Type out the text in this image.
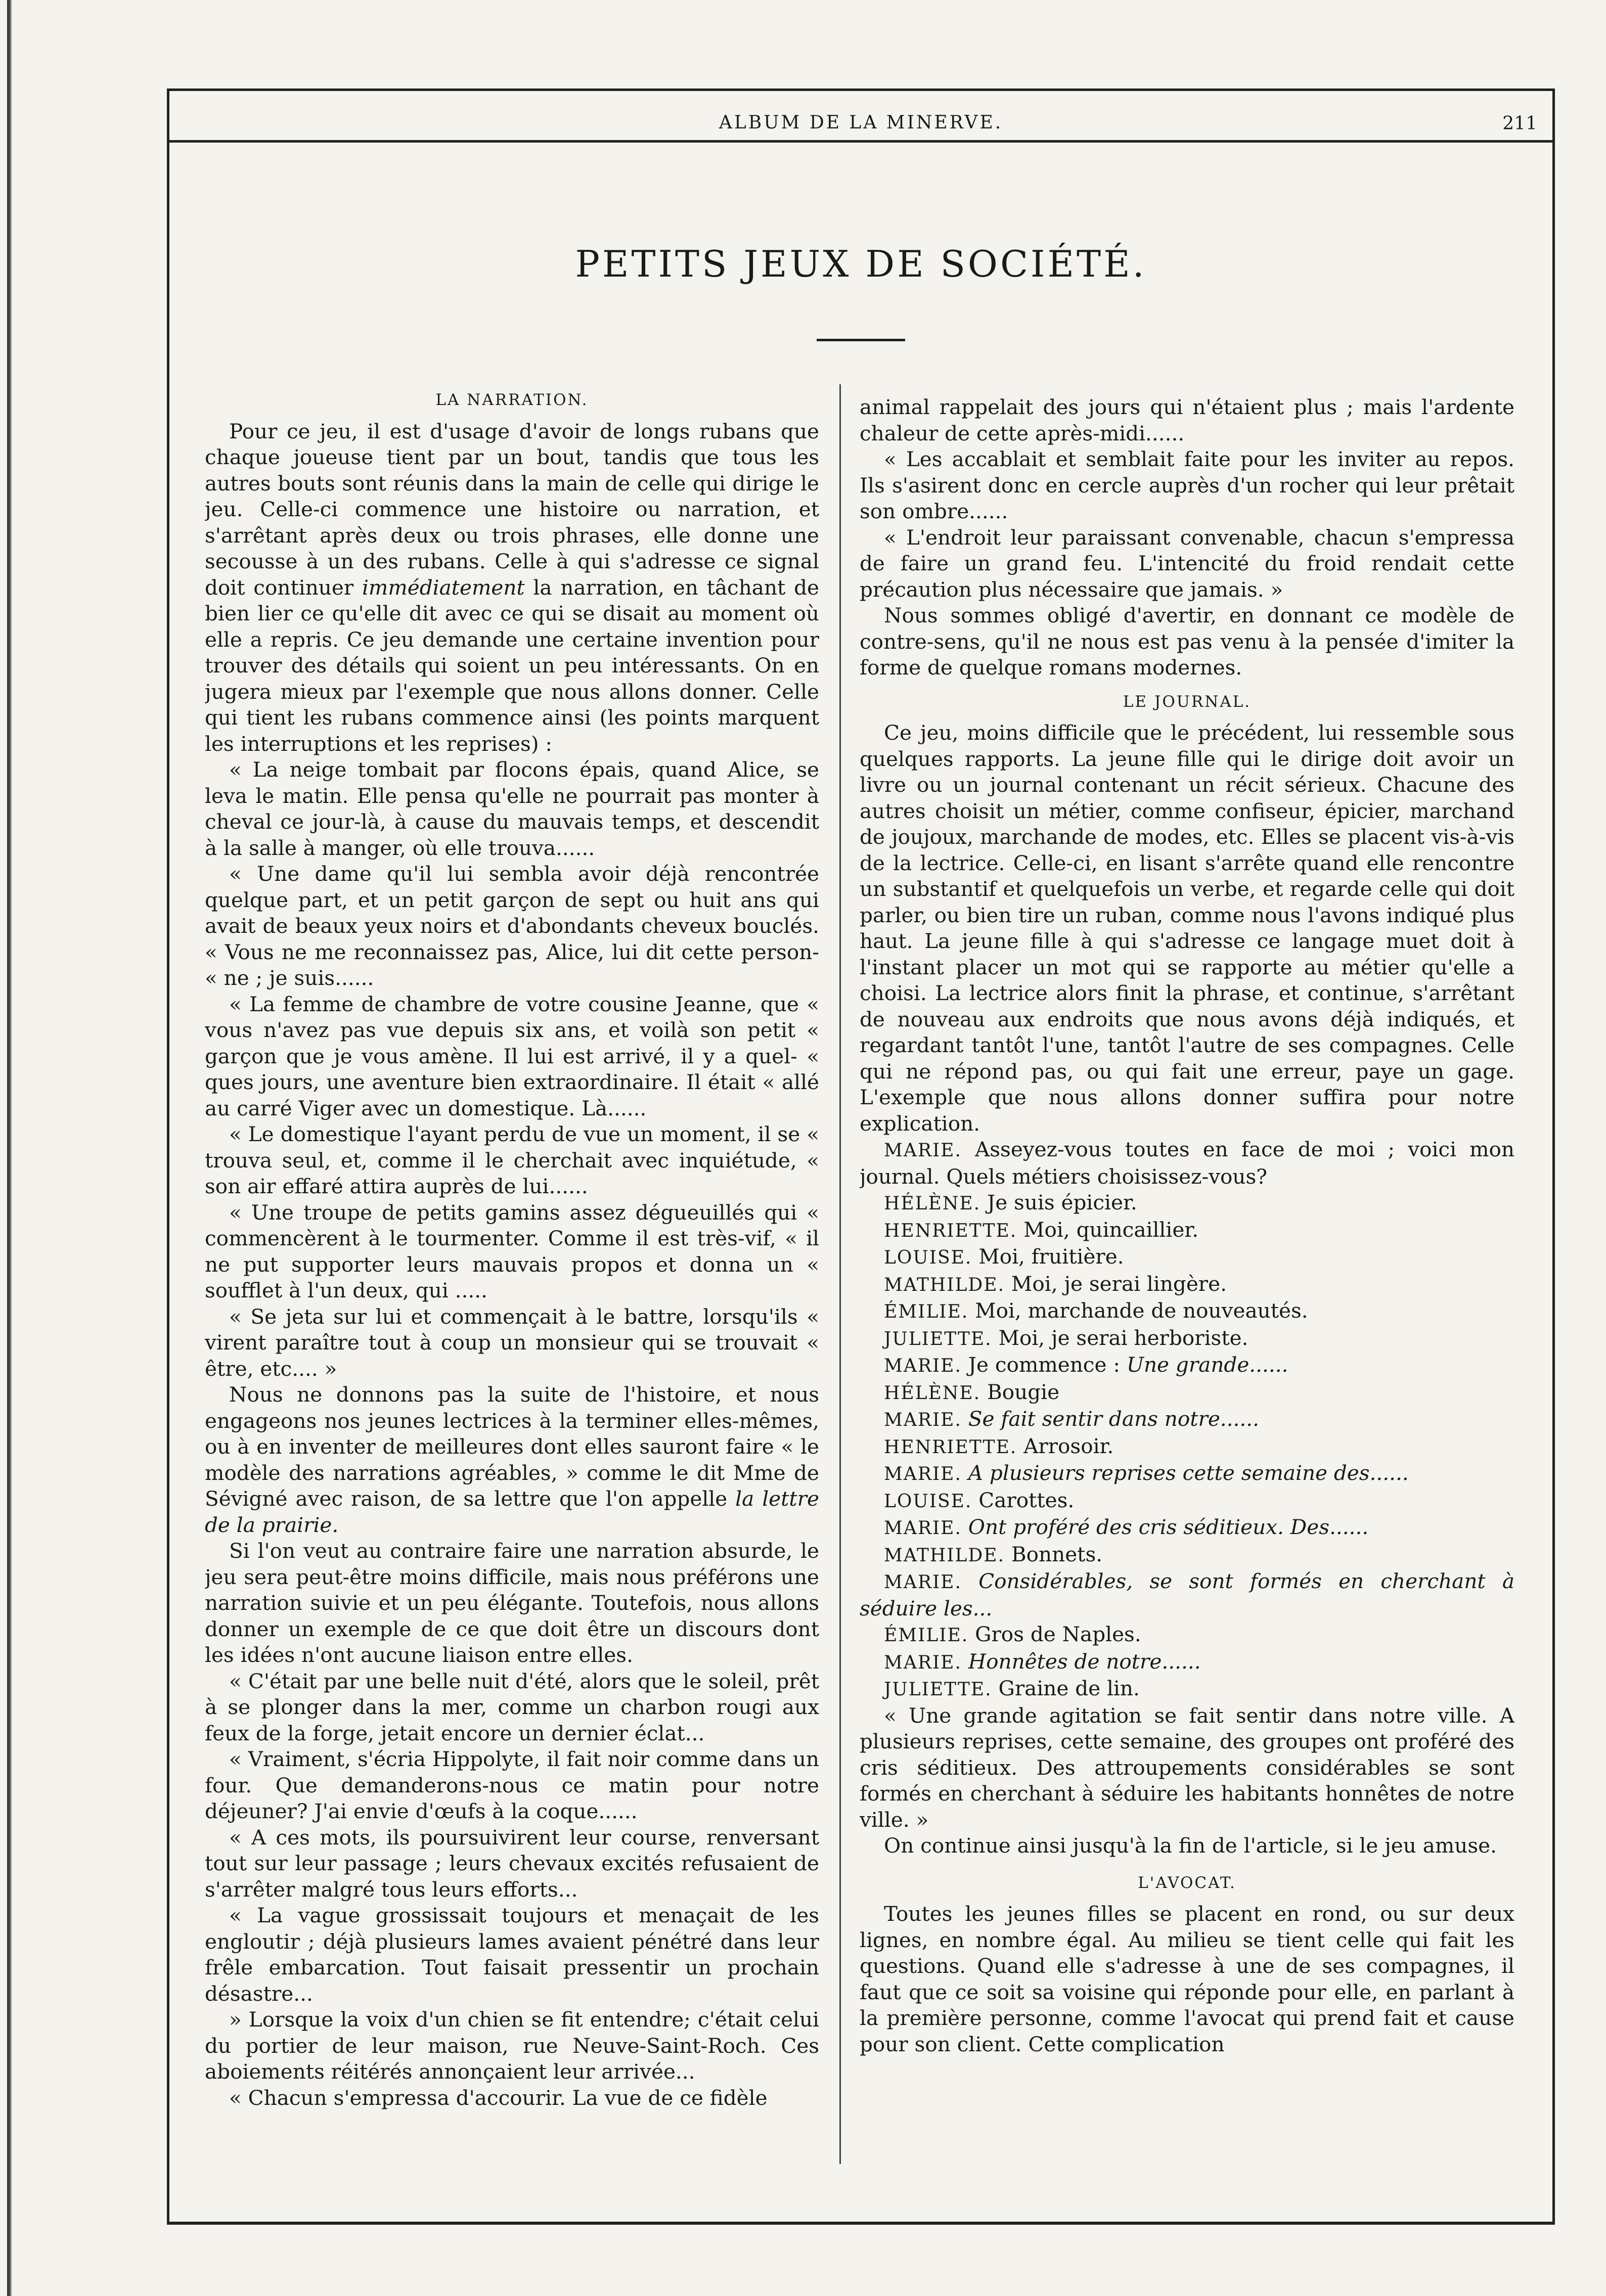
ALBUM DE LA MINERVE.	211
PETITS JEUX DE SOCIÉTÉ.
LA NARRATION.

Pour ce jeu, il est d'usage d'avoir de longs rubans que chaque joueuse tient par un bout, tandis que tous les autres bouts sont réunis dans la main de celle qui dirige le jeu. Celle-ci commence une histoire ou narration, et s'arrêtant après deux ou trois phrases, elle donne une secousse à un des rubans. Celle à qui s'adresse ce signal doit continuer immédiatement la narration, en tâchant de bien lier ce qu'elle dit avec ce qui se disait au moment où elle a repris. Ce jeu demande une certaine invention pour trouver des détails qui soient un peu intéressants. On en jugera mieux par l'exemple que nous allons donner. Celle qui tient les rubans commence ainsi (les points marquent les interruptions et les reprises) :

« La neige tombait par flocons épais, quand Alice, se leva le matin. Elle pensa qu'elle ne pourrait pas monter à cheval ce jour-là, à cause du mauvais temps, et descendit à la salle à manger, où elle trouva......

« Une dame qu'il lui sembla avoir déjà rencontrée quelque part, et un petit garçon de sept ou huit ans qui avait de beaux yeux noirs et d'abondants cheveux bouclés. « Vous ne me reconnaissez pas, Alice, lui dit cette person- « ne ; je suis......

« La femme de chambre de votre cousine Jeanne, que « vous n'avez pas vue depuis six ans, et voilà son petit « garçon que je vous amène. Il lui est arrivé, il y a quel- « ques jours, une aventure bien extraordinaire. Il était « allé au carré Viger avec un domestique. Là......

« Le domestique l'ayant perdu de vue un moment, il se « trouva seul, et, comme il le cherchait avec inquiétude, « son air effaré attira auprès de lui......

« Une troupe de petits gamins assez dégueuillés qui « commencèrent à le tourmenter. Comme il est très-vif, « il ne put supporter leurs mauvais propos et donna un « soufflet à l'un deux, qui .....

« Se jeta sur lui et commençait à le battre, lorsqu'ils « virent paraître tout à coup un monsieur qui se trouvait « être, etc.... »

Nous ne donnons pas la suite de l'histoire, et nous engageons nos jeunes lectrices à la terminer elles-mêmes, ou à en inventer de meilleures dont elles sauront faire « le modèle des narrations agréables, » comme le dit Mme de Sévigné avec raison, de sa lettre que l'on appelle la lettre de la prairie.

Si l'on veut au contraire faire une narration absurde, le jeu sera peut-être moins difficile, mais nous préférons une narration suivie et un peu élégante. Toutefois, nous allons donner un exemple de ce que doit être un discours dont les idées n'ont aucune liaison entre elles.

« C'était par une belle nuit d'été, alors que le soleil, prêt à se plonger dans la mer, comme un charbon rougi aux feux de la forge, jetait encore un dernier éclat...

« Vraiment, s'écria Hippolyte, il fait noir comme dans un four. Que demanderons-nous ce matin pour notre déjeuner? J'ai envie d'œufs à la coque......

« A ces mots, ils poursuivirent leur course, renversant tout sur leur passage ; leurs chevaux excités refusaient de s'arrêter malgré tous leurs efforts...

« La vague grossissait toujours et menaçait de les engloutir ; déjà plusieurs lames avaient pénétré dans leur frêle embarcation. Tout faisait pressentir un prochain désastre...

» Lorsque la voix d'un chien se fit entendre; c'était celui du portier de leur maison, rue Neuve-Saint-Roch. Ces aboiements réitérés annonçaient leur arrivée...

« Chacun s'empressa d'accourir. La vue de ce fidèle

animal rappelait des jours qui n'étaient plus ; mais l'ardente chaleur de cette après-midi......

« Les accablait et semblait faite pour les inviter au repos. Ils s'asirent donc en cercle auprès d'un rocher qui leur prêtait son ombre......

« L'endroit leur paraissant convenable, chacun s'empressa de faire un grand feu. L'intencité du froid rendait cette précaution plus nécessaire que jamais. »

Nous sommes obligé d'avertir, en donnant ce modèle de contre-sens, qu'il ne nous est pas venu à la pensée d'imiter la forme de quelque romans modernes.

LE JOURNAL.

Ce jeu, moins difficile que le précédent, lui ressemble sous quelques rapports. La jeune fille qui le dirige doit avoir un livre ou un journal contenant un récit sérieux. Chacune des autres choisit un métier, comme confiseur, épicier, marchand de joujoux, marchande de modes, etc. Elles se placent vis-à-vis de la lectrice. Celle-ci, en lisant s'arrête quand elle rencontre un substantif et quelquefois un verbe, et regarde celle qui doit parler, ou bien tire un ruban, comme nous l'avons indiqué plus haut. La jeune fille à qui s'adresse ce langage muet doit à l'instant placer un mot qui se rapporte au métier qu'elle a choisi. La lectrice alors finit la phrase, et continue, s'arrêtant de nouveau aux endroits que nous avons déjà indiqués, et regardant tantôt l'une, tantôt l'autre de ses compagnes. Celle qui ne répond pas, ou qui fait une erreur, paye un gage. L'exemple que nous allons donner suffira pour notre explication.

MARIE. Asseyez-vous toutes en face de moi ; voici mon journal. Quels métiers choisissez-vous?

HÉLÈNE. Je suis épicier.

HENRIETTE. Moi, quincaillier.

LOUISE. Moi, fruitière.

MATHILDE. Moi, je serai lingère.

ÉMILIE. Moi, marchande de nouveautés.

JULIETTE. Moi, je serai herboriste.

MARIE. Je commence : Une grande......

HÉLÈNE. Bougie

MARIE. Se fait sentir dans notre......

HENRIETTE. Arrosoir.

MARIE. A plusieurs reprises cette semaine des......

LOUISE. Carottes.

MARIE. Ont proféré des cris séditieux. Des......

MATHILDE. Bonnets.

MARIE. Considérables, se sont formés en cherchant à séduire les...

ÉMILIE. Gros de Naples.

MARIE. Honnêtes de notre......

JULIETTE. Graine de lin.

« Une grande agitation se fait sentir dans notre ville. A plusieurs reprises, cette semaine, des groupes ont proféré des cris séditieux. Des attroupements considérables se sont formés en cherchant à séduire les habitants honnêtes de notre ville. »

On continue ainsi jusqu'à la fin de l'article, si le jeu amuse.

L'AVOCAT.

Toutes les jeunes filles se placent en rond, ou sur deux lignes, en nombre égal. Au milieu se tient celle qui fait les questions. Quand elle s'adresse à une de ses compagnes, il faut que ce soit sa voisine qui réponde pour elle, en parlant à la première personne, comme l'avocat qui prend fait et cause pour son client. Cette complication
